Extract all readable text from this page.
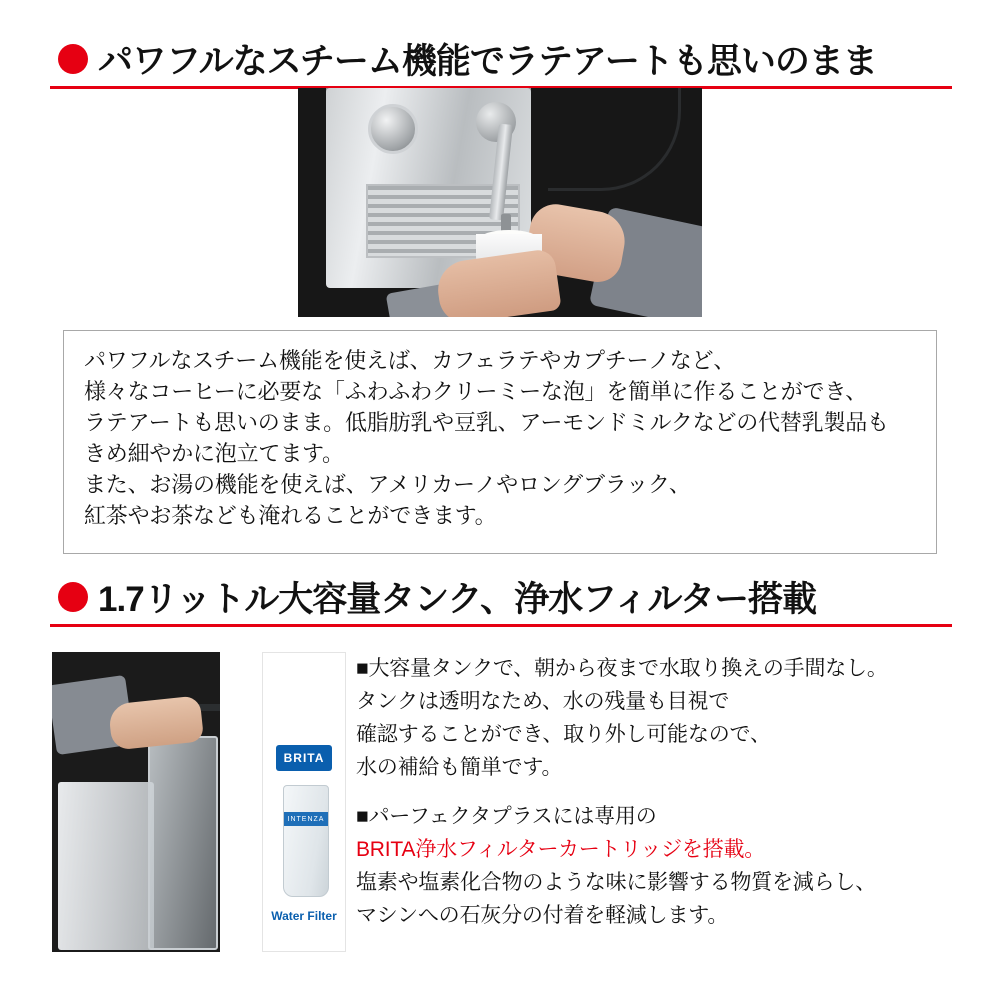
パワフルなスチーム機能でラテアートも思いのまま
パワフルなスチーム機能を使えば、カフェラテやカプチーノなど、
様々なコーヒーに必要な「ふわふわクリーミーな泡」を簡単に作ることができ、
ラテアートも思いのまま。低脂肪乳や豆乳、アーモンドミルクなどの代替乳製品も
きめ細やかに泡立てます。
また、お湯の機能を使えば、アメリカーノやロングブラック、
紅茶やお茶なども淹れることができます。
1.7リットル大容量タンク、浄水フィルター搭載
BRITA
INTENZA
Water Filter
■大容量タンクで、朝から夜まで水取り換えの手間なし。
タンクは透明なため、水の残量も目視で
確認することができ、取り外し可能なので、
水の補給も簡単です。
■パーフェクタプラスには専用の
BRITA浄水フィルターカートリッジを搭載。
塩素や塩素化合物のような味に影響する物質を減らし、
マシンへの石灰分の付着を軽減します。
